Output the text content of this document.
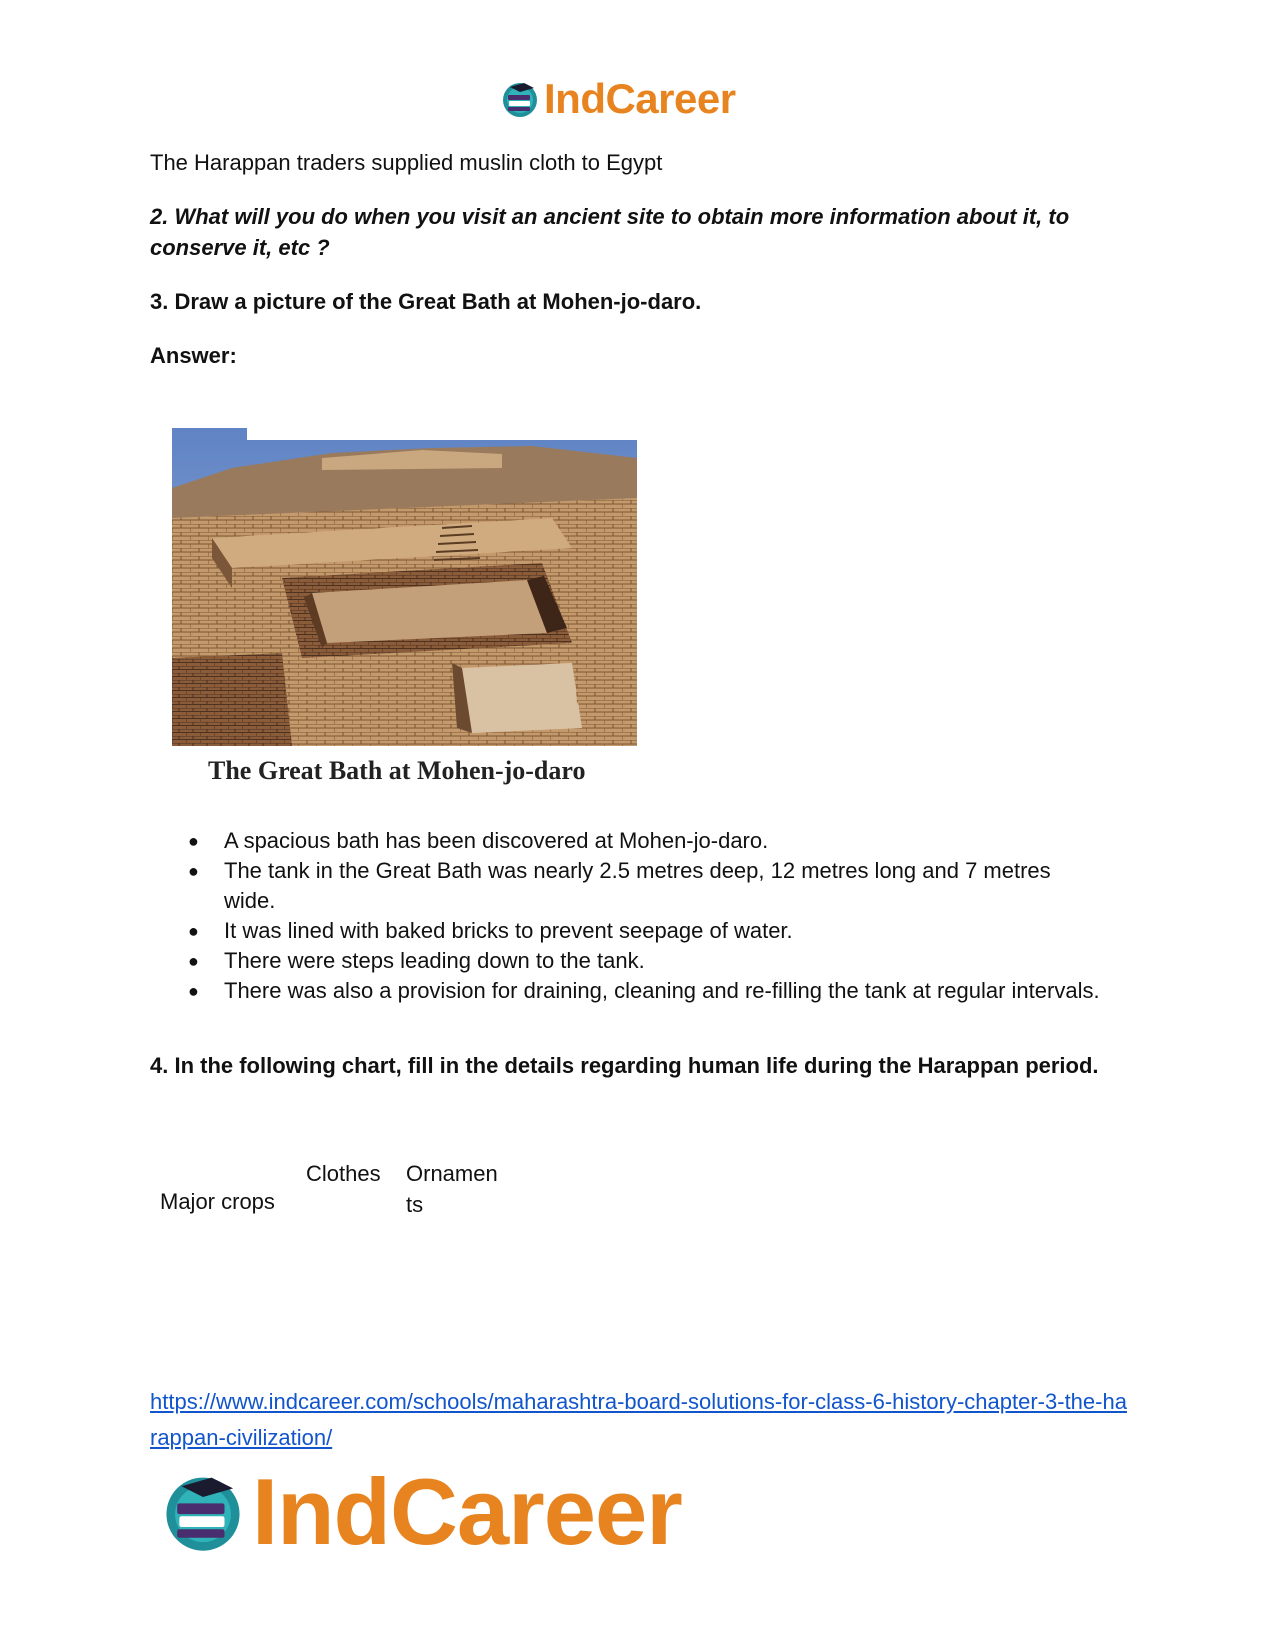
IndCareer
The Harappan traders supplied muslin cloth to Egypt
2. What will you do when you visit an ancient site to obtain more information about it, to conserve it, etc ?
3. Draw a picture of the Great Bath at Mohen-jo-daro.
Answer:
The Great Bath at Mohen-jo-daro
● A spacious bath has been discovered at Mohen-jo-daro.
● The tank in the Great Bath was nearly 2.5 metres deep, 12 metres long and 7 metres wide.
● It was lined with baked bricks to prevent seepage of water.
● There were steps leading down to the tank.
● There was also a provision for draining, cleaning and re-filling the tank at regular intervals.
4. In the following chart, fill in the details regarding human life during the Harappan period.
Major crops	Clothes	Ornaments
https://www.indcareer.com/schools/maharashtra-board-solutions-for-class-6-history-chapter-3-the-harappan-civilization/
IndCareer
